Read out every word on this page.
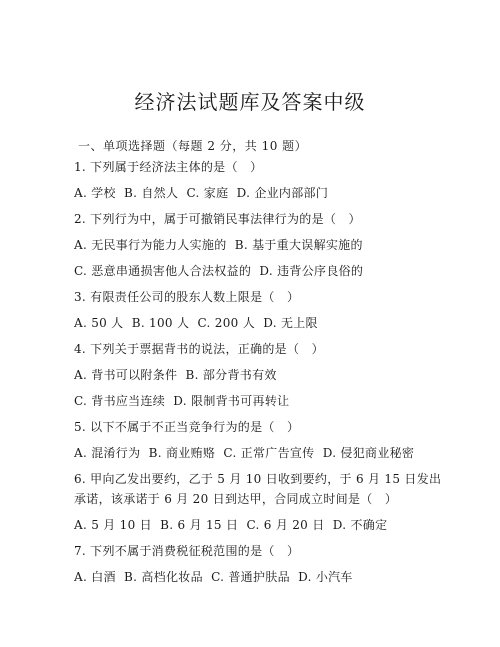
经济法试题库及答案中级
一、单项选择题（每题 2 分，共 10 题）
1. 下列属于经济法主体的是（   ）
A. 学校  B. 自然人  C. 家庭  D. 企业内部部门
2. 下列行为中，属于可撤销民事法律行为的是（   ）
A. 无民事行为能力人实施的  B. 基于重大误解实施的
C. 恶意串通损害他人合法权益的  D. 违背公序良俗的
3. 有限责任公司的股东人数上限是（   ）
A. 50 人  B. 100 人  C. 200 人  D. 无上限
4. 下列关于票据背书的说法，正确的是（   ）
A. 背书可以附条件  B. 部分背书有效
C. 背书应当连续  D. 限制背书可再转让
5. 以下不属于不正当竞争行为的是（   ）
A. 混淆行为  B. 商业贿赂  C. 正常广告宣传  D. 侵犯商业秘密
6. 甲向乙发出要约，乙于 5 月 10 日收到要约，于 6 月 15 日发出
承诺，该承诺于 6 月 20 日到达甲，合同成立时间是（   ）
A. 5 月 10 日  B. 6 月 15 日  C. 6 月 20 日  D. 不确定
7. 下列不属于消费税征税范围的是（   ）
A. 白酒  B. 高档化妆品  C. 普通护肤品  D. 小汽车
